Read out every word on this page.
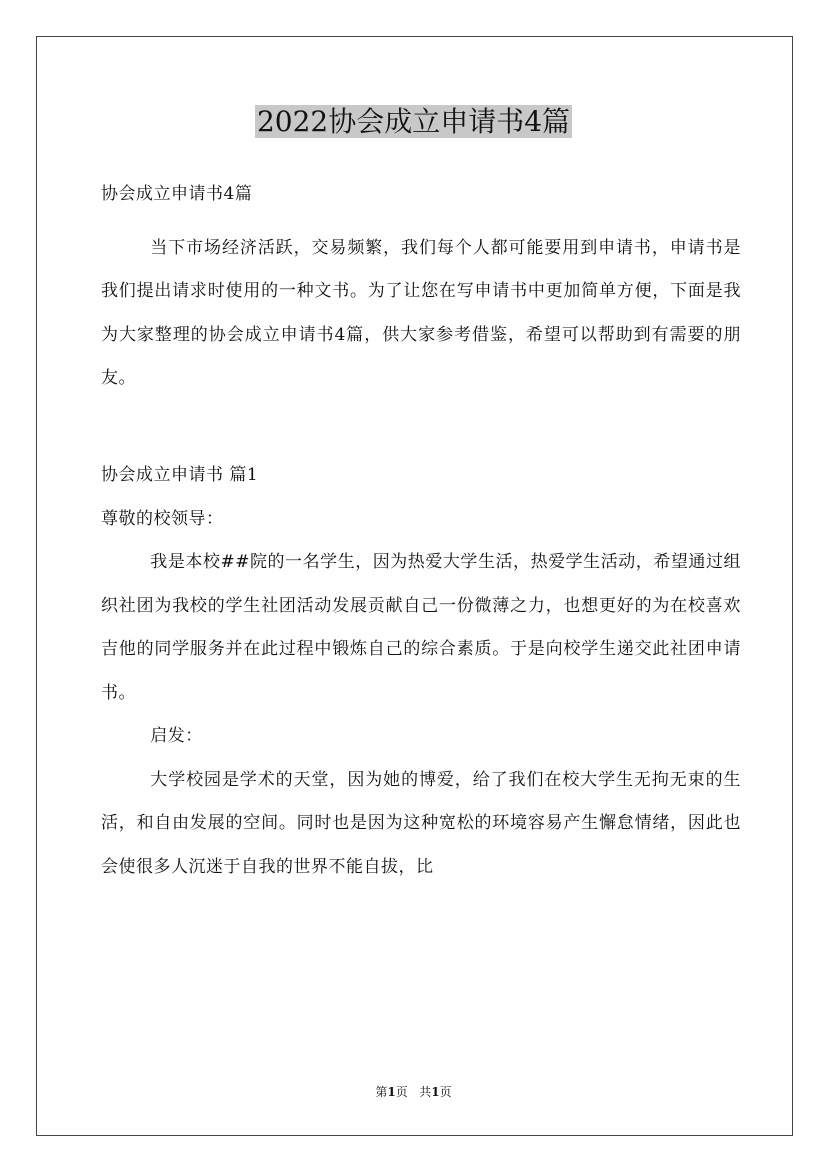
2022协会成立申请书4篇

协会成立申请书4篇

当下市场经济活跃，交易频繁，我们每个人都可能要用到申请书，申请书是我们提出请求时使用的一种文书。为了让您在写申请书中更加简单方便，下面是我为大家整理的协会成立申请书4篇，供大家参考借鉴，希望可以帮助到有需要的朋友。

协会成立申请书 篇1

尊敬的校领导：

我是本校##院的一名学生，因为热爱大学生活，热爱学生活动，希望通过组织社团为我校的学生社团活动发展贡献自己一份微薄之力，也想更好的为在校喜欢吉他的同学服务并在此过程中锻炼自己的综合素质。于是向校学生递交此社团申请书。

启发：

大学校园是学术的天堂，因为她的博爱，给了我们在校大学生无拘无束的生活，和自由发展的空间。同时也是因为这种宽松的环境容易产生懈怠情绪，因此也会使很多人沉迷于自我的世界不能自拔，比

第1页 共1页
